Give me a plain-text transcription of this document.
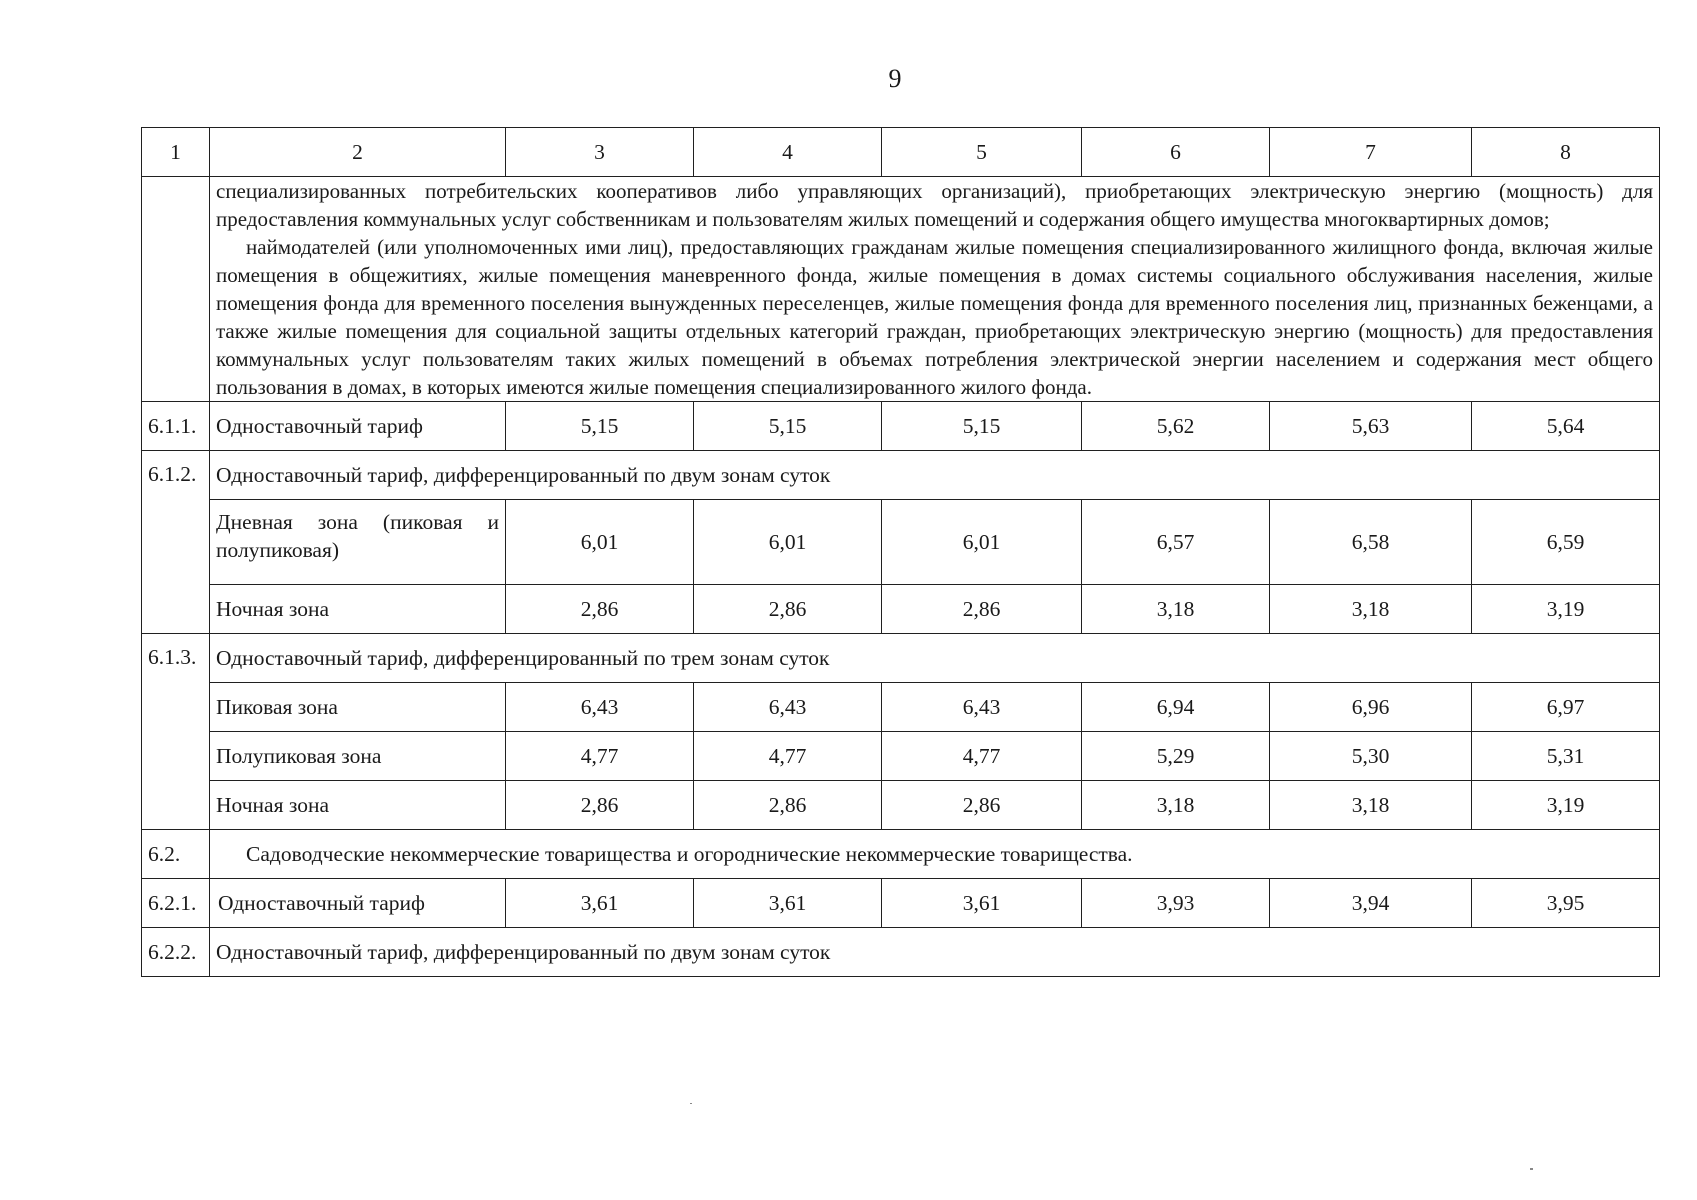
9
1	2	3	4	5	6	7	8

	специализированных потребительских кооперативов либо управляющих организаций), приобретающих электрическую энергию (мощность) для предоставления коммунальных услуг собственникам и пользователям жилых помещений и содержания общего имущества многоквартирных домов;

наймодателей (или уполномоченных ими лиц), предоставляющих гражданам жилые помещения специализированного жилищного фонда, включая жилые помещения в общежитиях, жилые помещения маневренного фонда, жилые помещения в домах системы социального обслуживания населения, жилые помещения фонда для временного поселения вынужденных переселенцев, жилые помещения фонда для временного поселения лиц, признанных беженцами, а также жилые помещения для социальной защиты отдельных категорий граждан, приобретающих электрическую энергию (мощность) для предоставления коммунальных услуг пользователям таких жилых помещений в объемах потребления электрической энергии населением и содержания мест общего пользования в домах, в которых имеются жилые помещения специализированного жилого фонда.						

6.1.1.	Одноставочный тариф	5,15	5,15	5,15	5,62	5,63	5,64
6.1.2.	Одноставочный тариф, дифференцированный по двум зонам суток						
	Дневная зона (пиковая и полупиковая)	6,01	6,01	6,01	6,57	6,58	6,59
	Ночная зона	2,86	2,86	2,86	3,18	3,18	3,19
6.1.3.	Одноставочный тариф, дифференцированный по трем зонам суток						
	Пиковая зона	6,43	6,43	6,43	6,94	6,96	6,97
	Полупиковая зона	4,77	4,77	4,77	5,29	5,30	5,31
	Ночная зона	2,86	2,86	2,86	3,18	3,18	3,19
6.2.	Садоводческие некоммерческие товарищества и огороднические некоммерческие товарищества.						
6.2.1.	Одноставочный тариф	3,61	3,61	3,61	3,93	3,94	3,95
6.2.2.	Одноставочный тариф, дифференцированный по двум зонам суток						
